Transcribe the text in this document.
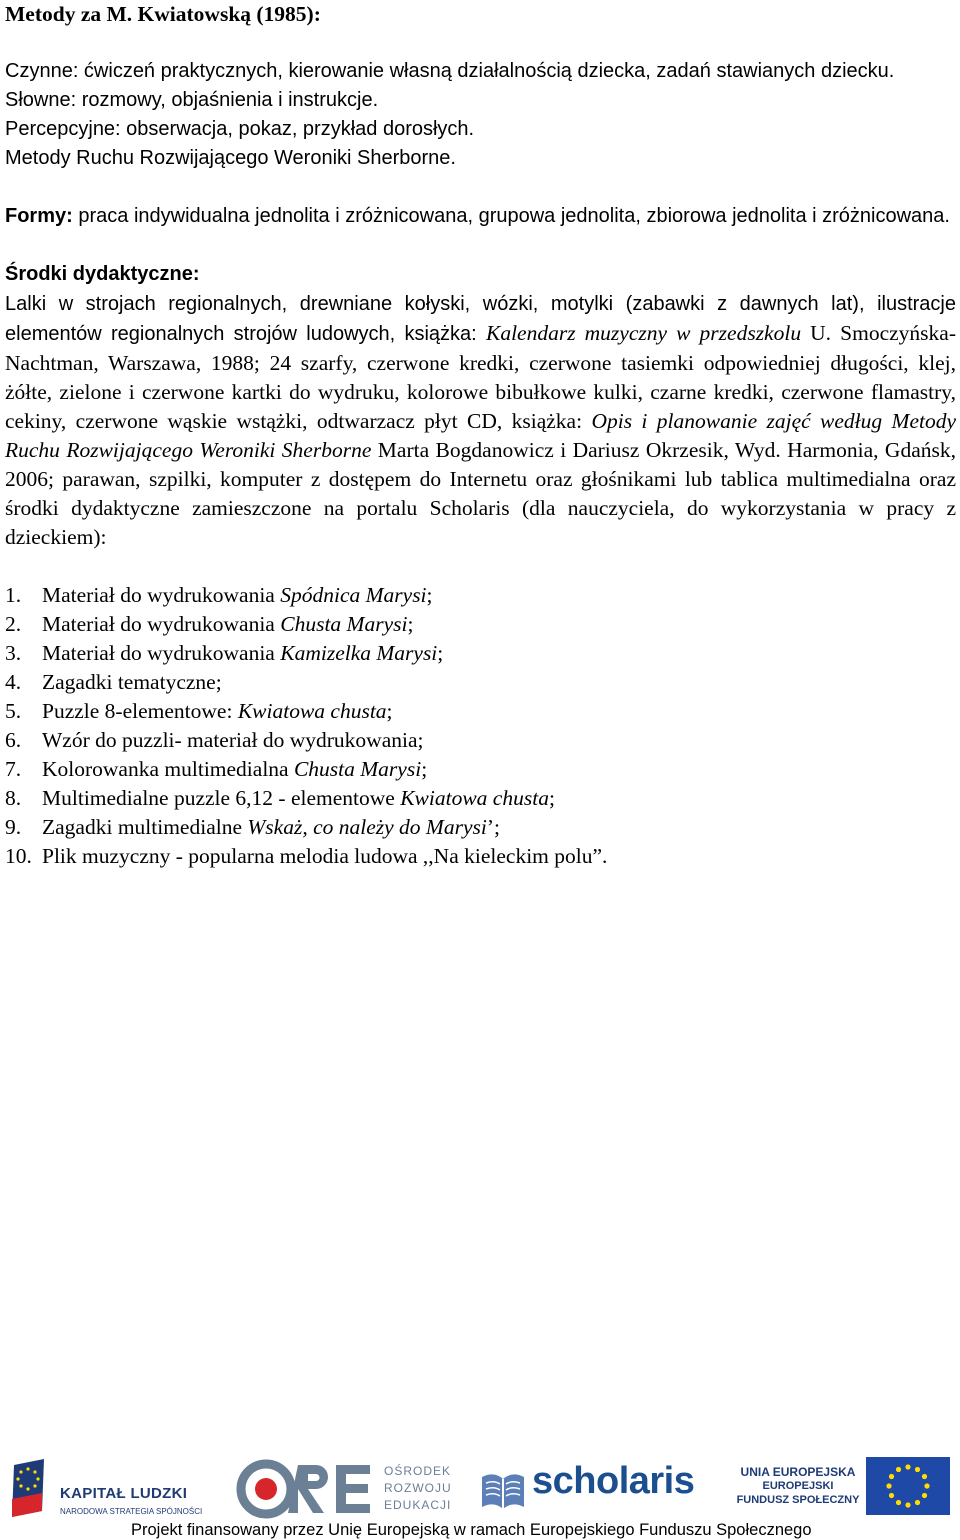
Metody za M. Kwiatowską (1985):

Czynne: ćwiczeń praktycznych, kierowanie własną działalnością dziecka, zadań stawianych dziecku.
Słowne: rozmowy, objaśnienia i instrukcje.
Percepcyjne: obserwacja, pokaz, przykład dorosłych.
Metody Ruchu Rozwijającego Weroniki Sherborne.
Formy: praca indywidualna jednolita i zróżnicowana, grupowa jednolita, zbiorowa jednolita i zróżnicowana.
Środki dydaktyczne:
Lalki w strojach regionalnych, drewniane kołyski, wózki, motylki (zabawki z dawnych lat), ilustracje elementów regionalnych strojów ludowych, książka: Kalendarz muzyczny w przedszkolu U. Smoczyńska- Nachtman, Warszawa, 1988; 24 szarfy, czerwone kredki, czerwone tasiemki odpowiedniej długości, klej, żółte, zielone i czerwone kartki do wydruku, kolorowe bibułkowe kulki, czarne kredki, czerwone flamastry, cekiny, czerwone wąskie wstążki, odtwarzacz płyt CD, książka: Opis i planowanie zajęć według Metody Ruchu Rozwijającego Weroniki Sherborne Marta Bogdanowicz i Dariusz Okrzesik, Wyd. Harmonia, Gdańsk, 2006; parawan, szpilki, komputer z dostępem do Internetu oraz głośnikami lub tablica multimedialna oraz środki dydaktyczne zamieszczone na portalu Scholaris (dla nauczyciela, do wykorzystania w pracy z dzieckiem):
1. Materiał do wydrukowania Spódnica Marysi;
2. Materiał do wydrukowania Chusta Marysi;
3. Materiał do wydrukowania Kamizelka Marysi;
4. Zagadki tematyczne;
5. Puzzle 8-elementowe: Kwiatowa chusta;
6. Wzór do puzzli- materiał do wydrukowania;
7. Kolorowanka multimedialna Chusta Marysi;
8. Multimedialne puzzle 6,12 - elementowe Kwiatowa chusta;
9. Zagadki multimedialne Wskaż, co należy do Marysi’;
10. Plik muzyczny - popularna melodia ludowa ,,Na kieleckim polu”.
KAPITAŁ LUDZKI
NARODOWA STRATEGIA SPÓJNOŚCI
OŚRODEK
ROZWOJU
EDUKACJI
scholaris	UNIA EUROPEJSKA
EUROPEJSKI
FUNDUSZ SPOŁECZNY
Projekt finansowany przez Unię Europejską w ramach Europejskiego Funduszu Społecznego
